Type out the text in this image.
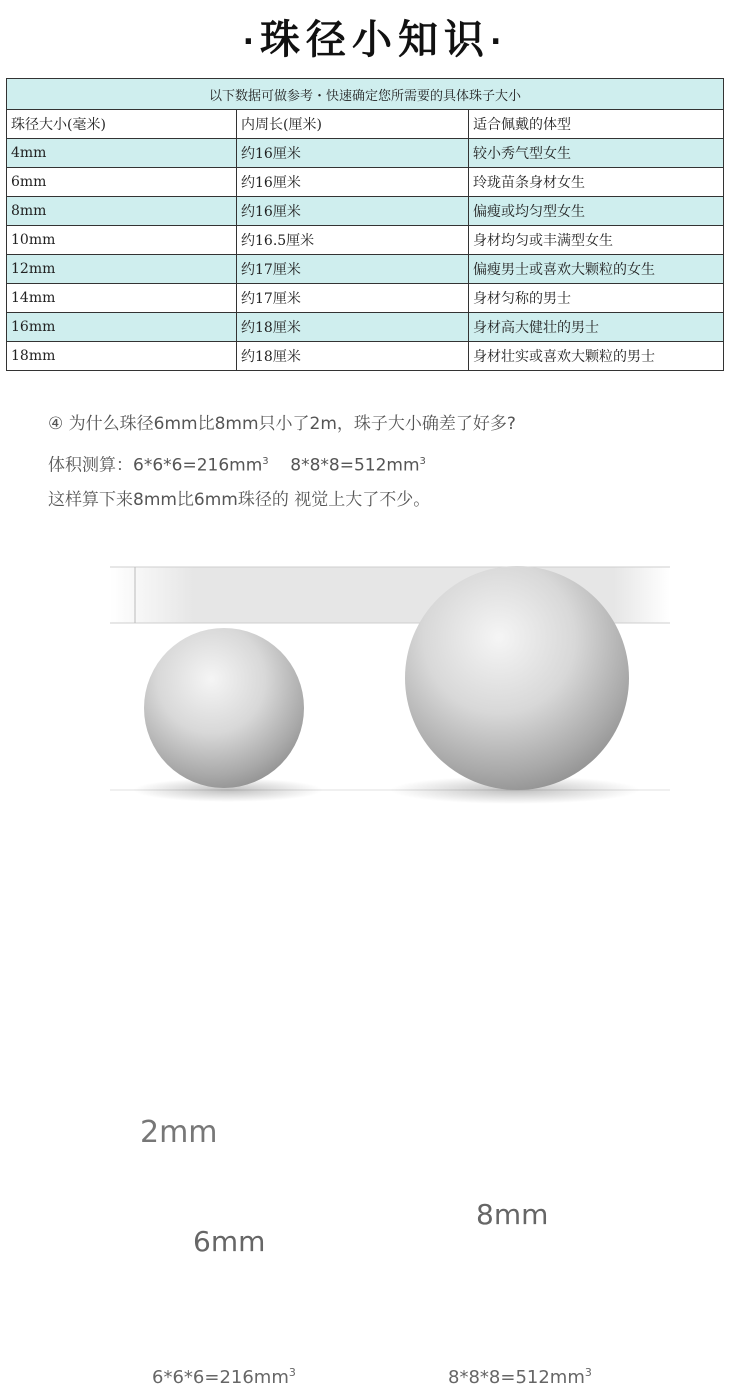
·珠径小知识·
以下数据可做参考・快速确定您所需要的具体珠子大小		
珠径大小(毫米)	内周长(厘米)	适合佩戴的体型
4mm	约16厘米	较小秀气型女生
6mm	约16厘米	玲珑苗条身材女生
8mm	约16厘米	偏瘦或均匀型女生
10mm	约16.5厘米	身材均匀或丰满型女生
12mm	约17厘米	偏瘦男士或喜欢大颗粒的女生
14mm	约17厘米	身材匀称的男士
16mm	约18厘米	身材高大健壮的男士
18mm	约18厘米	身材壮实或喜欢大颗粒的男士
④ 为什么珠径6mm比8mm只小了2m，珠子大小确差了好多?
体积测算：$6*6*6=216mm^3$ $8*8*8=512mm^3$
这样算下来8mm比6mm珠径的 视觉上大了不少。
2mm
6mm
8mm
$6*6*6=216mm^3$	$8*8*8=512mm^3$
